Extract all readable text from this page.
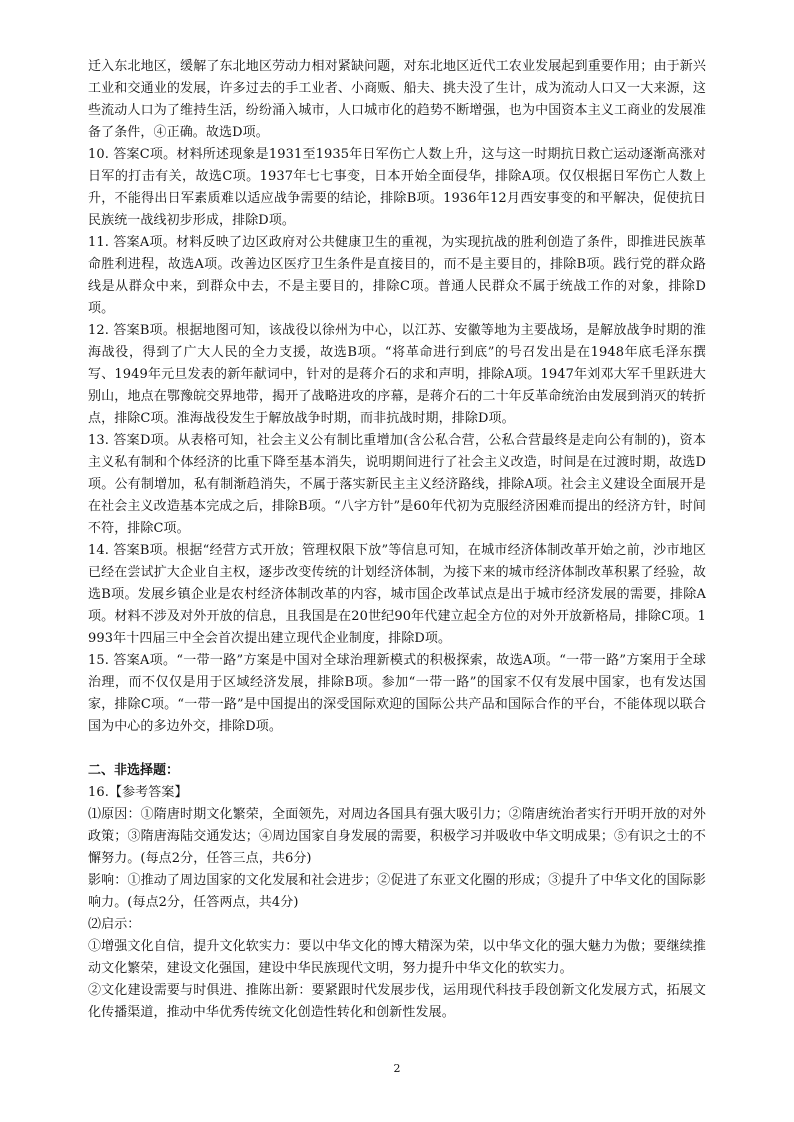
迁入东北地区，缓解了东北地区劳动力相对紧缺问题，对东北地区近代工农业发展起到重要作用；由于新兴工业和交通业的发展，许多过去的手工业者、小商贩、船夫、挑夫没了生计，成为流动人口又一大来源，这些流动人口为了维持生活，纷纷涌入城市，人口城市化的趋势不断增强，也为中国资本主义工商业的发展准备了条件，④正确。故选D项。

10. 答案C项。材料所述现象是1931至1935年日军伤亡人数上升，这与这一时期抗日救亡运动逐渐高涨对日军的打击有关，故选C项。1937年七七事变，日本开始全面侵华，排除A项。仅仅根据日军伤亡人数上升，不能得出日军素质难以适应战争需要的结论，排除B项。1936年12月西安事变的和平解决，促使抗日民族统一战线初步形成，排除D项。

11. 答案A项。材料反映了边区政府对公共健康卫生的重视，为实现抗战的胜利创造了条件，即推进民族革命胜利进程，故选A项。改善边区医疗卫生条件是直接目的，而不是主要目的，排除B项。践行党的群众路线是从群众中来，到群众中去，不是主要目的，排除C项。普通人民群众不属于统战工作的对象，排除D项。

12. 答案B项。根据地图可知，该战役以徐州为中心，以江苏、安徽等地为主要战场，是解放战争时期的淮海战役，得到了广大人民的全力支援，故选B项。“将革命进行到底”的号召发出是在1948年底毛泽东撰写、1949年元旦发表的新年献词中，针对的是蒋介石的求和声明，排除A项。1947年刘邓大军千里跃进大别山，地点在鄂豫皖交界地带，揭开了战略进攻的序幕，是蒋介石的二十年反革命统治由发展到消灭的转折点，排除C项。淮海战役发生于解放战争时期，而非抗战时期，排除D项。

13. 答案D项。从表格可知，社会主义公有制比重增加(含公私合营，公私合营最终是走向公有制的)，资本主义私有制和个体经济的比重下降至基本消失，说明期间进行了社会主义改造，时间是在过渡时期，故选D项。公有制增加，私有制渐趋消失，不属于落实新民主主义经济路线，排除A项。社会主义建设全面展开是在社会主义改造基本完成之后，排除B项。“八字方针”是60年代初为克服经济困难而提出的经济方针，时间不符，排除C项。

14. 答案B项。根据“经营方式开放；管理权限下放”等信息可知，在城市经济体制改革开始之前，沙市地区已经在尝试扩大企业自主权，逐步改变传统的计划经济体制，为接下来的城市经济体制改革积累了经验，故选B项。发展乡镇企业是农村经济体制改革的内容，城市国企改革试点是出于城市经济发展的需要，排除A项。材料不涉及对外开放的信息，且我国是在20世纪90年代建立起全方位的对外开放新格局，排除C项。1993年十四届三中全会首次提出建立现代企业制度，排除D项。

15. 答案A项。“一带一路”方案是中国对全球治理新模式的积极探索，故选A项。“一带一路”方案用于全球治理，而不仅仅是用于区域经济发展，排除B项。参加“一带一路”的国家不仅有发展中国家，也有发达国家，排除C项。“一带一路”是中国提出的深受国际欢迎的国际公共产品和国际合作的平台，不能体现以联合国为中心的多边外交，排除D项。

二、非选择题：

16.【参考答案】

⑴原因：①隋唐时期文化繁荣，全面领先，对周边各国具有强大吸引力；②隋唐统治者实行开明开放的对外政策；③隋唐海陆交通发达；④周边国家自身发展的需要，积极学习并吸收中华文明成果；⑤有识之士的不懈努力。(每点2分，任答三点，共6分)

影响：①推动了周边国家的文化发展和社会进步；②促进了东亚文化圈的形成；③提升了中华文化的国际影响力。(每点2分，任答两点，共4分)

⑵启示：

①增强文化自信，提升文化软实力：要以中华文化的博大精深为荣，以中华文化的强大魅力为傲；要继续推动文化繁荣，建设文化强国，建设中华民族现代文明，努力提升中华文化的软实力。

②文化建设需要与时俱进、推陈出新：要紧跟时代发展步伐，运用现代科技手段创新文化发展方式，拓展文化传播渠道，推动中华优秀传统文化创造性转化和创新性发展。

2
